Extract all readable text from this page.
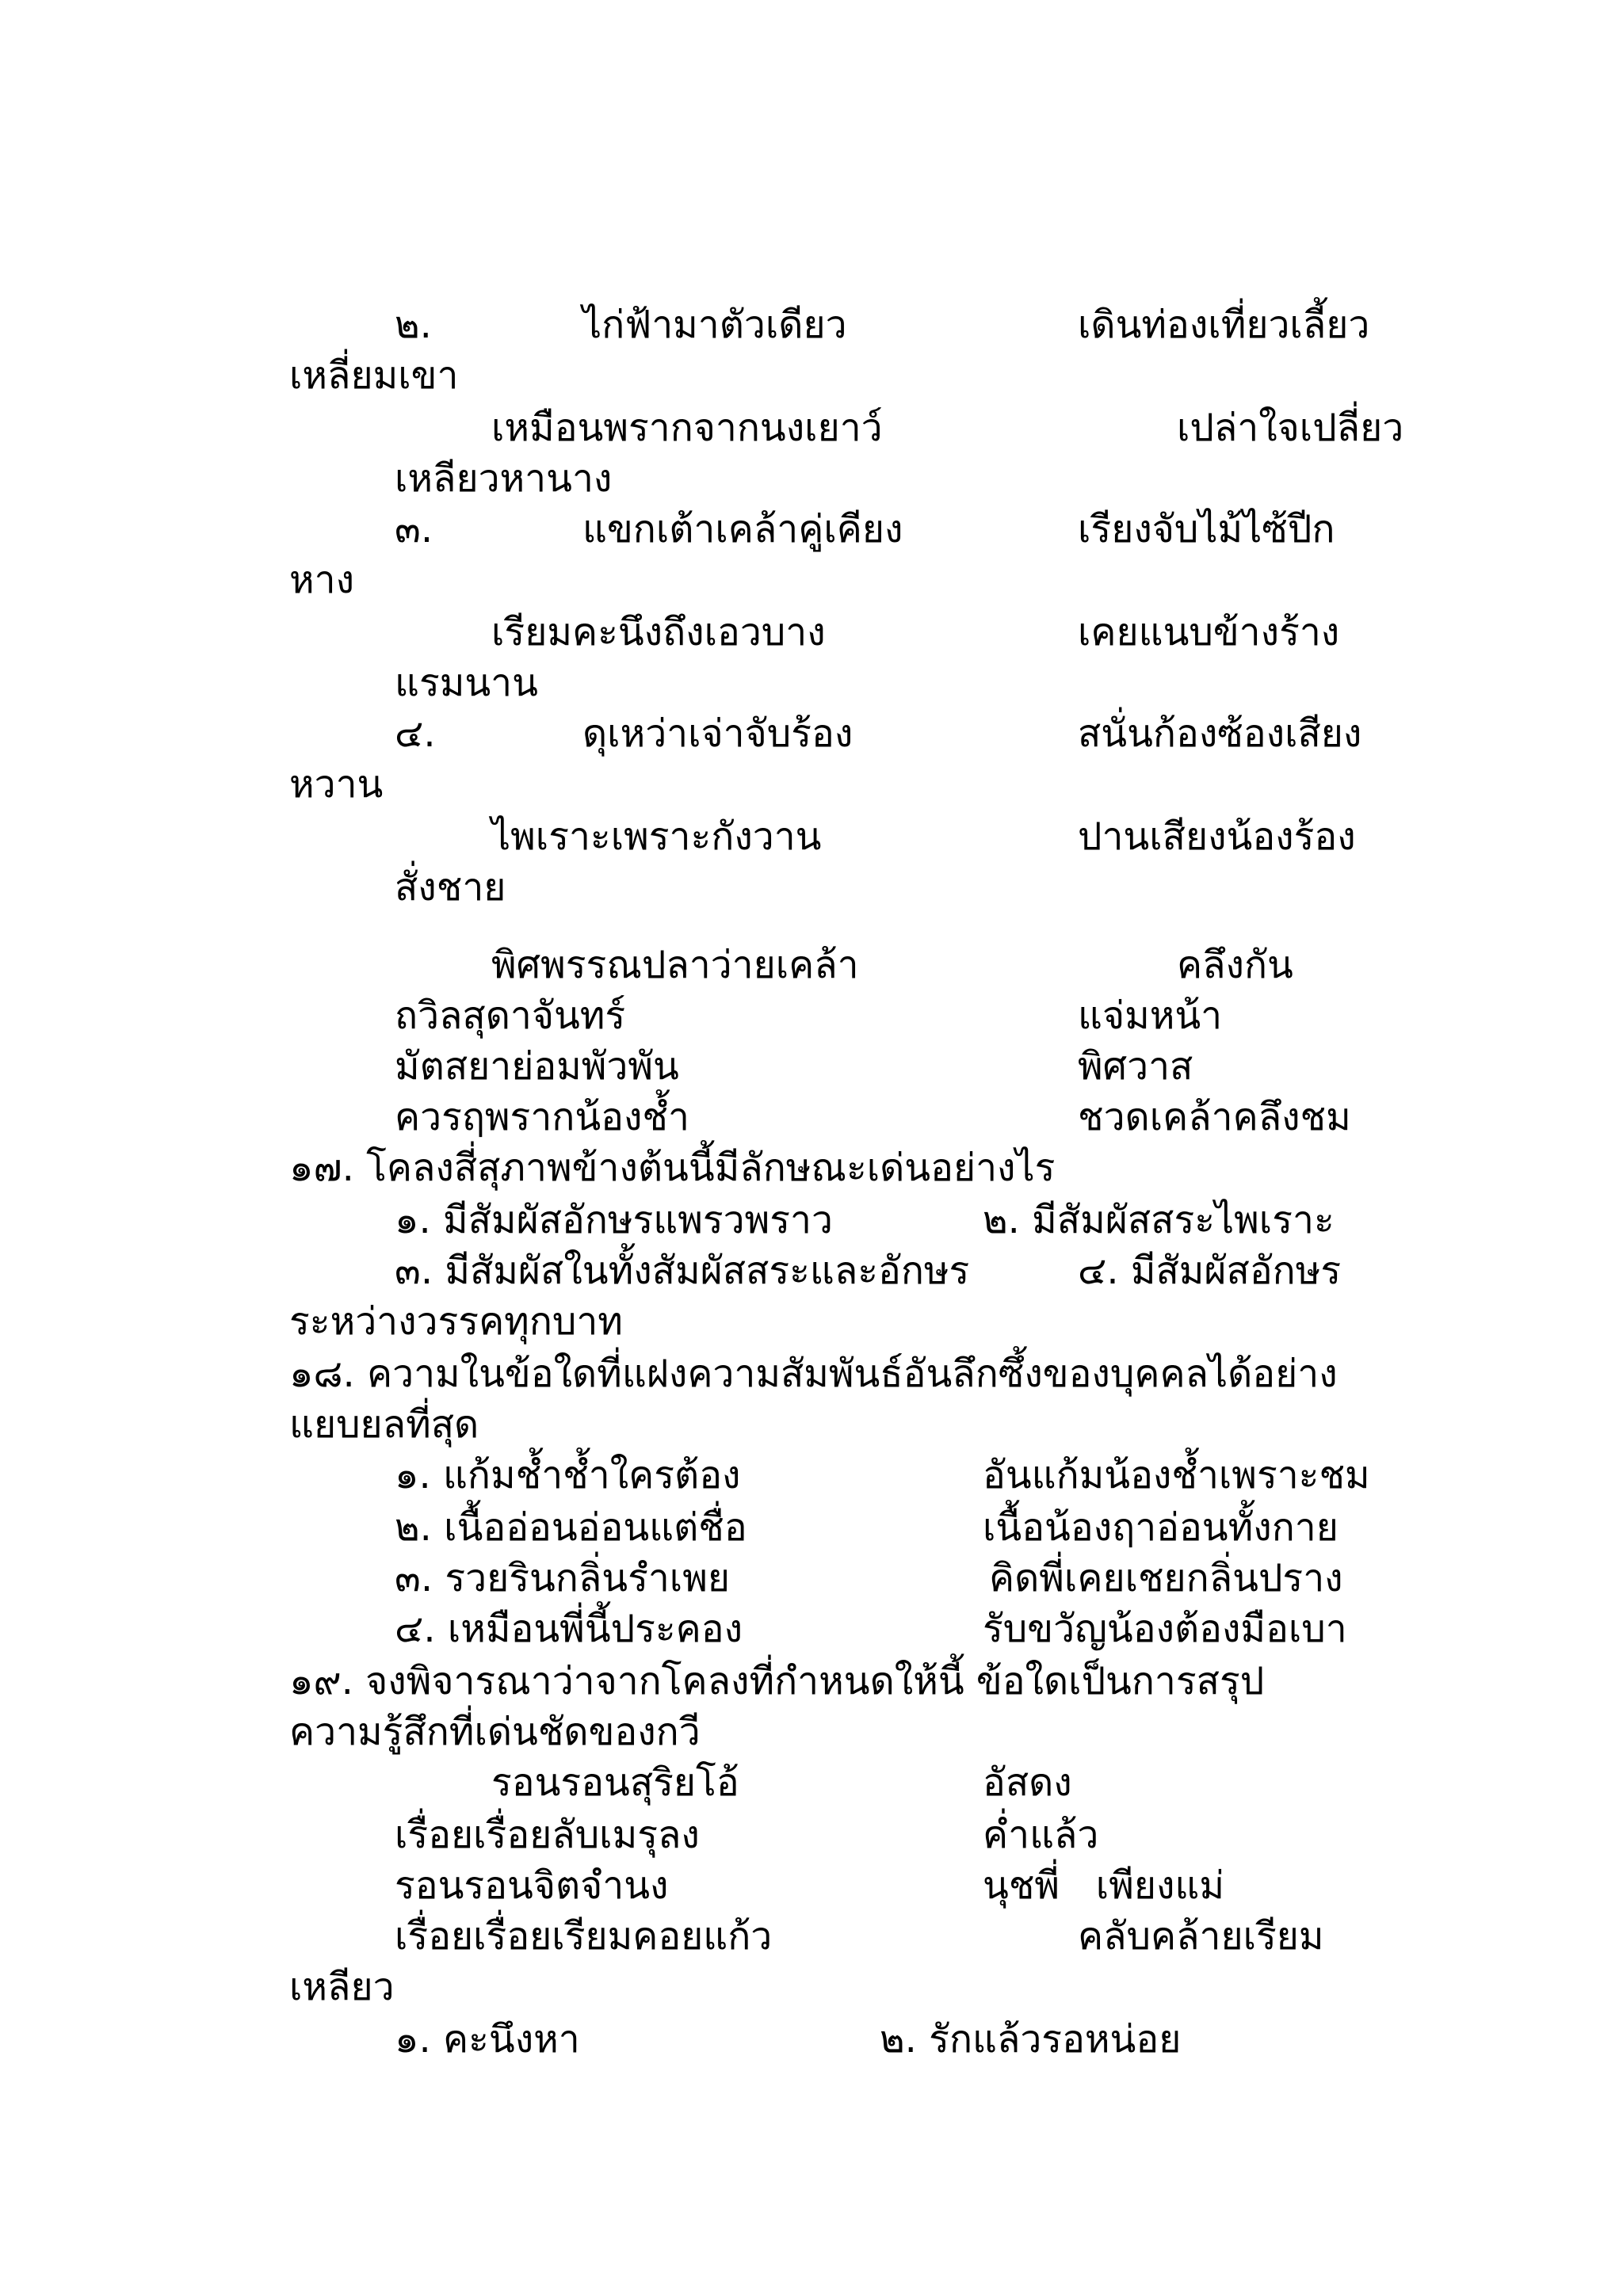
๒.	ไก่ฟ้ามาตัวเดียว	เดินท่องเที่ยวเลี้ยว
เหลี่ยมเขา
เหมือนพรากจากนงเยาว์	เปล่าใจเปลี่ยว
เหลียวหานาง
๓.	แขกเต้าเคล้าคู่เคียง	เรียงจับไม้ไซ้ปีก
หาง
เรียมคะนึงถึงเอวบาง	เคยแนบข้างร้าง
แรมนาน
๔.	ดุเหว่าเจ่าจับร้อง	สนั่นก้องซ้องเสียง
หวาน
ไพเราะเพราะกังวาน	ปานเสียงน้องร้อง
สั่งชาย
พิศพรรณปลาว่ายเคล้า	คลึงกัน
ถวิลสุดาจันทร์	แจ่มหน้า
มัตสยาย่อมพัวพัน	พิศวาส
ควรฤพรากน้องช้ำ	ชวดเคล้าคลึงชม
๑๗. โคลงสี่สุภาพข้างต้นนี้มีลักษณะเด่นอย่างไร
๑. มีสัมผัสอักษรแพรวพราว	๒. มีสัมผัสสระไพเราะ
๓. มีสัมผัสในทั้งสัมผัสสระและอักษร	๔. มีสัมผัสอักษร
ระหว่างวรรคทุกบาท
๑๘. ความในข้อใดที่แฝงความสัมพันธ์อันลึกซึ้งของบุคคลได้อย่าง
แยบยลที่สุด
๑. แก้มช้ำช้ำใครต้อง	อันแก้มน้องช้ำเพราะชม
๒. เนื้ออ่อนอ่อนแต่ชื่อ	เนื้อน้องฤาอ่อนทั้งกาย
๓. รวยรินกลิ่นรำเพย	คิดพี่เคยเชยกลิ่นปราง
๔. เหมือนพี่นี้ประคอง	รับขวัญน้องต้องมือเบา
๑๙. จงพิจารณาว่าจากโคลงที่กำหนดให้นี้ ข้อใดเป็นการสรุป
ความรู้สึกที่เด่นชัดของกวี
รอนรอนสุริยโอ้	อัสดง
เรื่อยเรื่อยลับเมรุลง	ค่ำแล้ว
รอนรอนจิตจำนง	นุชพี่   เพียงแม่
เรื่อยเรื่อยเรียมคอยแก้ว	คลับคล้ายเรียม
เหลียว
๑. คะนึงหา	๒. รักแล้วรอหน่อย
